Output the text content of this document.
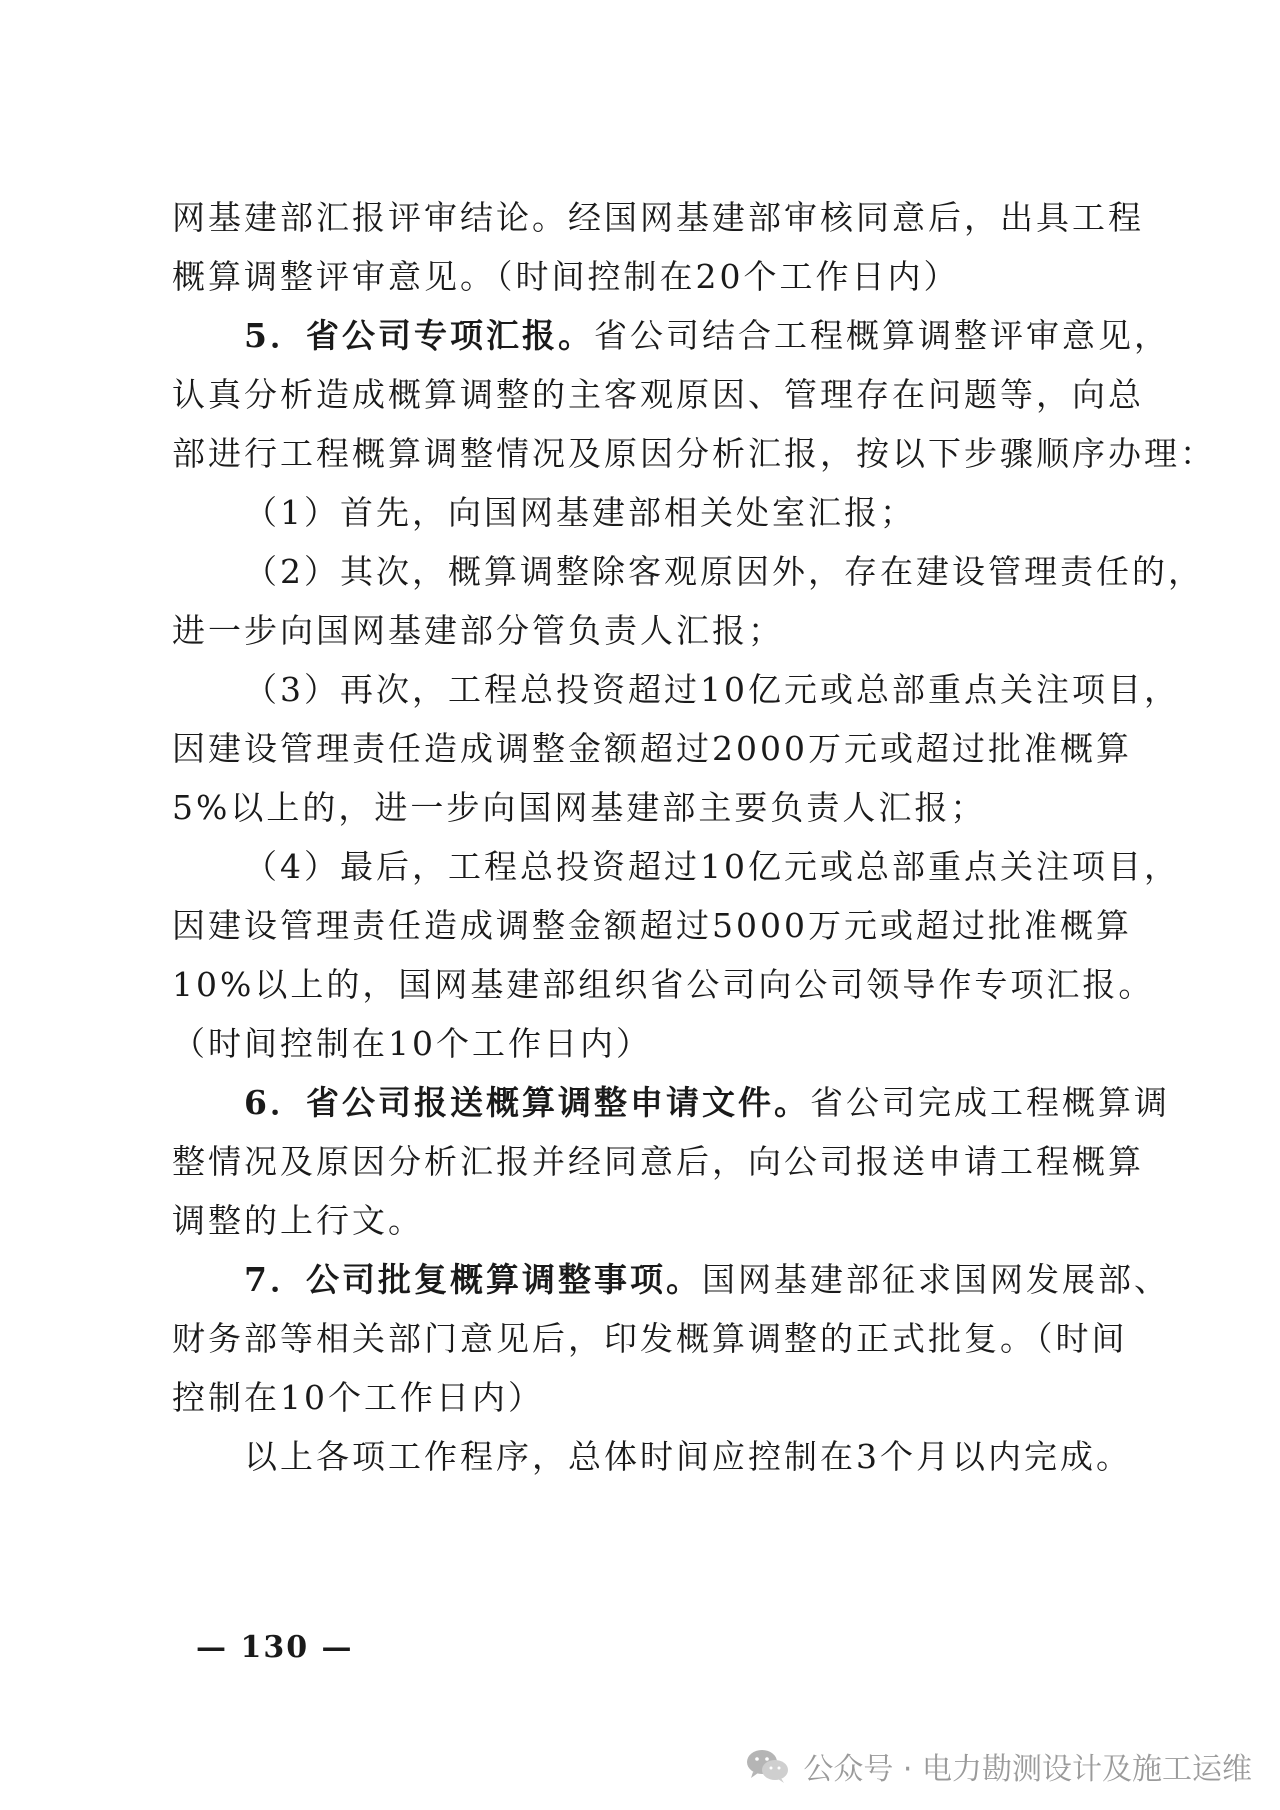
网基建部汇报评审结论。经国网基建部审核同意后，出具工程
概算调整评审意见。（时间控制在20个工作日内）
5．省公司专项汇报。省公司结合工程概算调整评审意见，
认真分析造成概算调整的主客观原因、管理存在问题等，向总
部进行工程概算调整情况及原因分析汇报，按以下步骤顺序办理：
（1）首先，向国网基建部相关处室汇报；
（2）其次，概算调整除客观原因外，存在建设管理责任的，
进一步向国网基建部分管负责人汇报；
（3）再次，工程总投资超过10亿元或总部重点关注项目，
因建设管理责任造成调整金额超过2000万元或超过批准概算
5%以上的，进一步向国网基建部主要负责人汇报；
（4）最后，工程总投资超过10亿元或总部重点关注项目，
因建设管理责任造成调整金额超过5000万元或超过批准概算
10%以上的，国网基建部组织省公司向公司领导作专项汇报。
（时间控制在10个工作日内）
6．省公司报送概算调整申请文件。省公司完成工程概算调
整情况及原因分析汇报并经同意后，向公司报送申请工程概算
调整的上行文。
7．公司批复概算调整事项。国网基建部征求国网发展部、
财务部等相关部门意见后，印发概算调整的正式批复。（时间
控制在10个工作日内）
以上各项工作程序，总体时间应控制在3个月以内完成。
— 130 —
公众号 · 电力勘测设计及施工运维
